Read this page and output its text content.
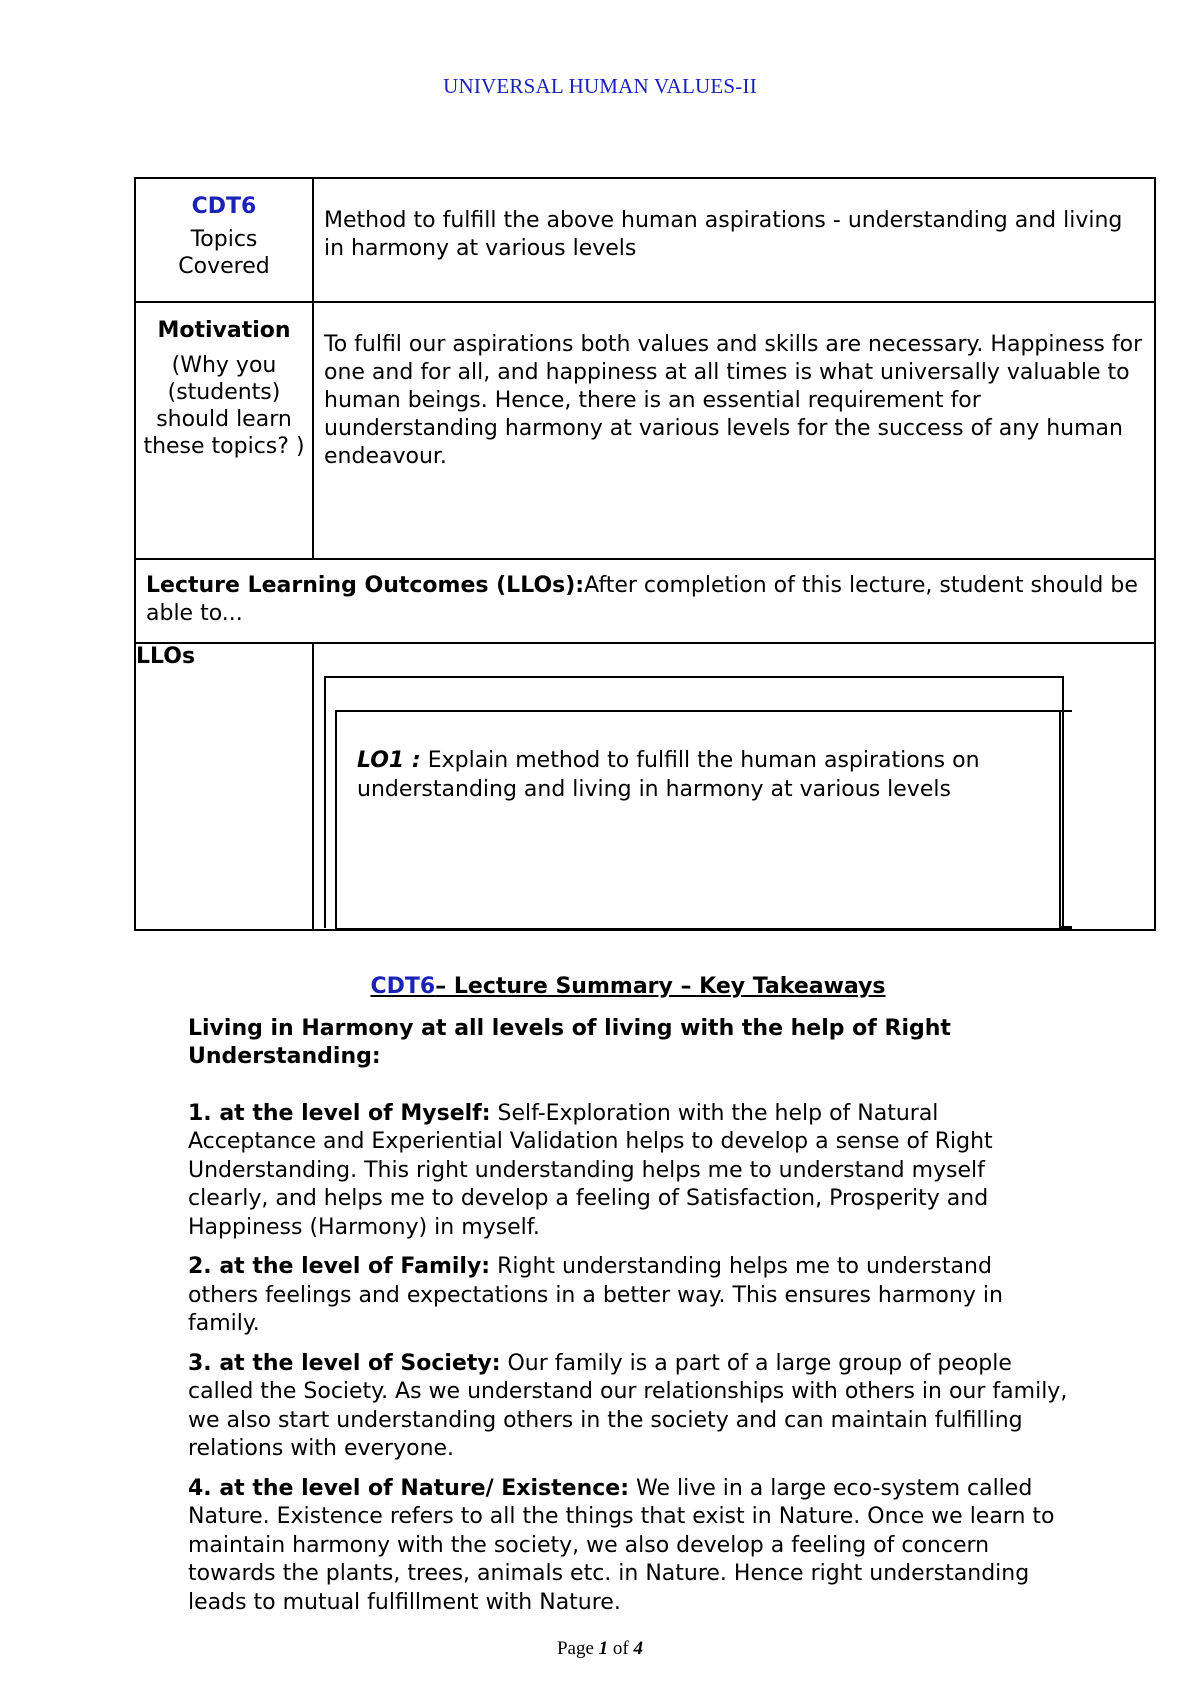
UNIVERSAL HUMAN VALUES-II
CDT6
Topics Covered	Method to fulfill the above human aspirations - understanding and living in harmony at various levels

Motivation
(Why you (students) should learn these topics? )	To fulfil our aspirations both values and skills are necessary. Happiness for one and for all, and happiness at all times is what universally valuable to human beings. Hence, there is an essential requirement for uunderstanding harmony at various levels for the success of any human endeavour.

Lecture Learning Outcomes (LLOs):After completion of this lecture, student should be able to...	

LLOs	LO1 : Explain method to fulfill the human aspirations on understanding and living in harmony at various levels
CDT6– Lecture Summary – Key Takeaways
Living in Harmony at all levels of living with the help of Right Understanding:
1. at the level of Myself: Self-Exploration with the help of Natural Acceptance and Experiential Validation helps to develop a sense of Right Understanding. This right understanding helps me to understand myself clearly, and helps me to develop a feeling of Satisfaction, Prosperity and Happiness (Harmony) in myself.
2. at the level of Family: Right understanding helps me to understand others feelings and expectations in a better way. This ensures harmony in family.
3. at the level of Society: Our family is a part of a large group of people called the Society. As we understand our relationships with others in our family, we also start understanding others in the society and can maintain fulfilling relations with everyone.
4. at the level of Nature/ Existence: We live in a large eco-system called Nature. Existence refers to all the things that exist in Nature. Once we learn to maintain harmony with the society, we also develop a feeling of concern towards the plants, trees, animals etc. in Nature. Hence right understanding leads to mutual fulfillment with Nature.
Page 1 of 4
